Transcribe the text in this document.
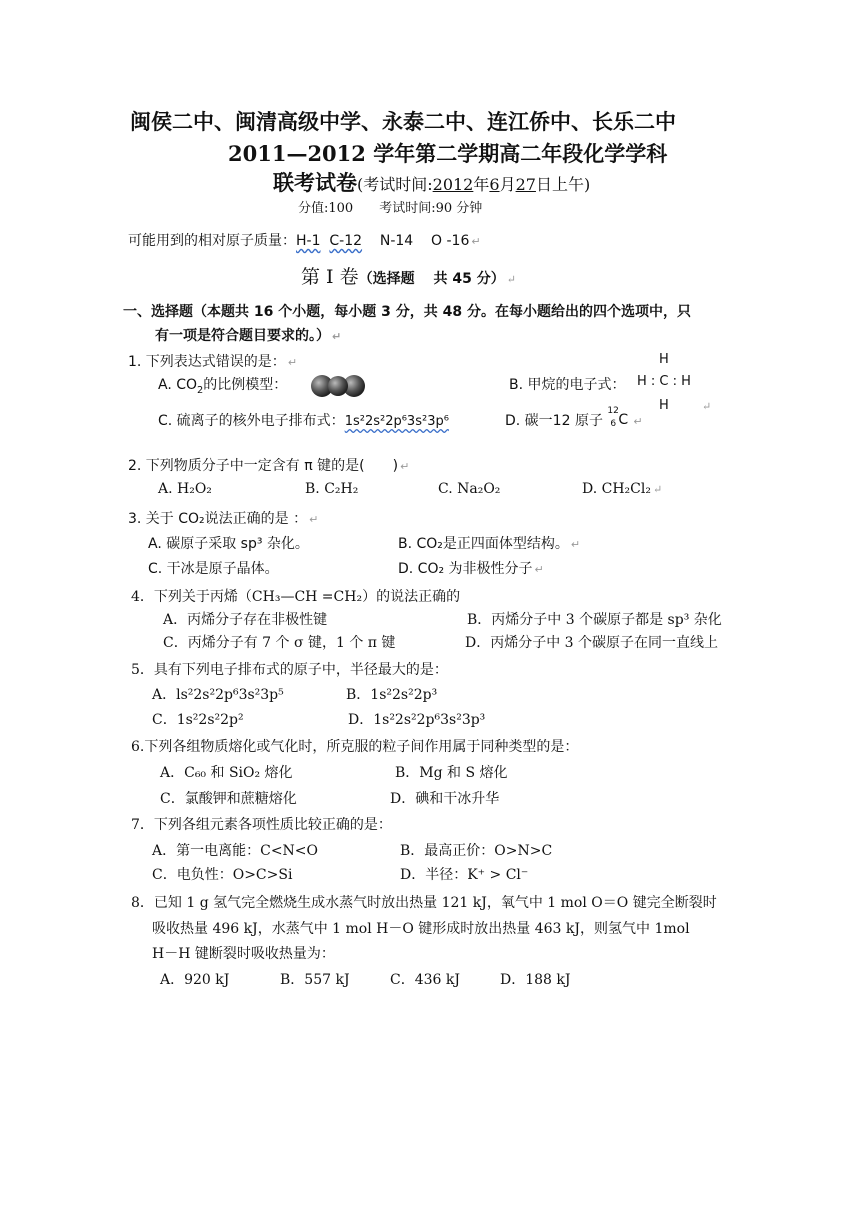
闽侯二中、闽清高级中学、永泰二中、连江侨中、长乐二中
2011—2012 学年第二学期高二年段化学学科
联考试卷(考试时间:2012年6月27日上午)
分值:100　　考试时间:90 分钟
可能用到的相对原子质量：H-1 C-12 N-14 O -16 ↵
第 I 卷（选择题　 共 45 分） ↵
一、选择题（本题共 16 个小题，每小题 3 分，共 48 分。在每小题给出的四个选项中，只
有一项是符合题目要求的。） ↵
1. 下列表达式错误的是： ↵
A. $CO_2$的比例模型：	B. 甲烷的电子式：
H
H : C : H
H	↵
C. 硫离子的核外电子排布式：1s²2s²2p⁶3s²3p⁶	D. 碳一12 原子
12
6 C ↵
2. 下列物质分子中一定含有 π 键的是(　　) ↵
A. H₂O₂	B. C₂H₂	C. Na₂O₂	D. CH₂Cl₂ ↵
3. 关于 CO₂说法正确的是 ： ↵
A. 碳原子采取 sp³ 杂化。	B. CO₂是正四面体型结构。 ↵
C. 干冰是原子晶体。	D. CO₂ 为非极性分子 ↵
4．下列关于丙烯（CH₃—CH =CH₂）的说法正确的
A．丙烯分子存在非极性键	B．丙烯分子中 3 个碳原子都是 sp³ 杂化
C．丙烯分子有 7 个 σ 键，1 个 π 键	D．丙烯分子中 3 个碳原子在同一直线上
5．具有下列电子排布式的原子中，半径最大的是：
A．ls²2s²2p⁶3s²3p⁵	B．1s²2s²2p³
C．1s²2s²2p²	D．1s²2s²2p⁶3s²3p³
6.下列各组物质熔化或气化时，所克服的粒子间作用属于同种类型的是：
A．C₆₀ 和 SiO₂ 熔化	B．Mg 和 S 熔化
C．氯酸钾和蔗糖熔化	D．碘和干冰升华
7．下列各组元素各项性质比较正确的是：
A．第一电离能：C<N<O	B．最高正价：O>N>C
C．电负性：O>C>Si	D．半径：K⁺ > Cl⁻
8．已知 1 g 氢气完全燃烧生成水蒸气时放出热量 121 kJ，氧气中 1 mol O＝O 键完全断裂时
吸收热量 496 kJ，水蒸气中 1 mol H－O 键形成时放出热量 463 kJ，则氢气中 1mol
H－H 键断裂时吸收热量为：
A．920 kJ	B．557 kJ	C．436 kJ	D．188 kJ
